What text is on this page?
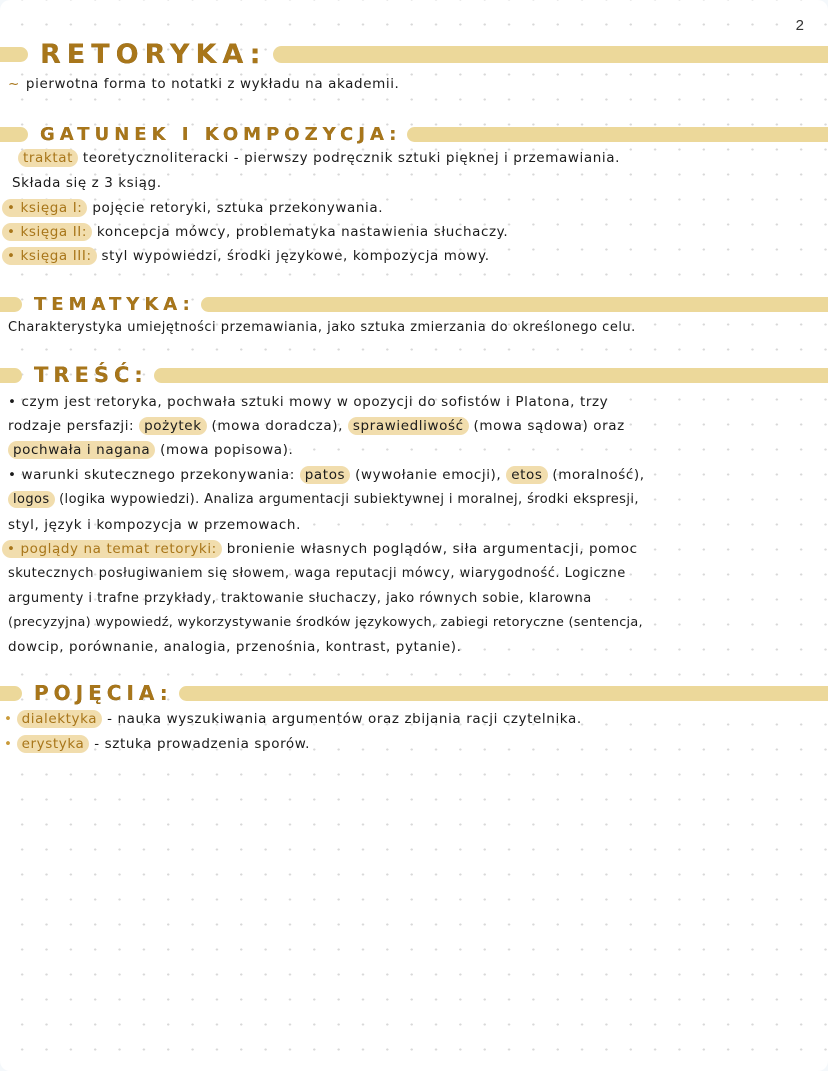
2
RETORYKA:
~ pierwotna forma to notatki z wykładu na akademii.
GATUNEK I KOMPOZYCJA:
traktat teoretycznoliteracki - pierwszy podręcznik sztuki pięknej i przemawiania.
Składa się z 3 ksiąg.
• księga I: pojęcie retoryki, sztuka przekonywania.
• księga II: koncepcja mówcy, problematyka nastawienia słuchaczy.
• księga III: styl wypowiedzi, środki językowe, kompozycja mowy.
TEMATYKA:
Charakterystyka umiejętności przemawiania, jako sztuka zmierzania do określonego celu.
TREŚĆ:
• czym jest retoryka, pochwała sztuki mowy w opozycji do sofistów i Platona, trzy
rodzaje persfazji: pożytek (mowa doradcza), sprawiedliwość (mowa sądowa) oraz
pochwała i nagana (mowa popisowa).
• warunki skutecznego przekonywania: patos (wywołanie emocji), etos (moralność),
logos (logika wypowiedzi). Analiza argumentacji subiektywnej i moralnej, środki ekspresji,
styl, język i kompozycja w przemowach.
• poglądy na temat retoryki: bronienie własnych poglądów, siła argumentacji, pomoc
skutecznych posługiwaniem się słowem, waga reputacji mówcy, wiarygodność. Logiczne
argumenty i trafne przykłady, traktowanie słuchaczy, jako równych sobie, klarowna
(precyzyjna) wypowiedź, wykorzystywanie środków językowych, zabiegi retoryczne (sentencja,
dowcip, porównanie, analogia, przenośnia, kontrast, pytanie).
POJĘCIA:
• dialektyka - nauka wyszukiwania argumentów oraz zbijania racji czytelnika.
• erystyka - sztuka prowadzenia sporów.
